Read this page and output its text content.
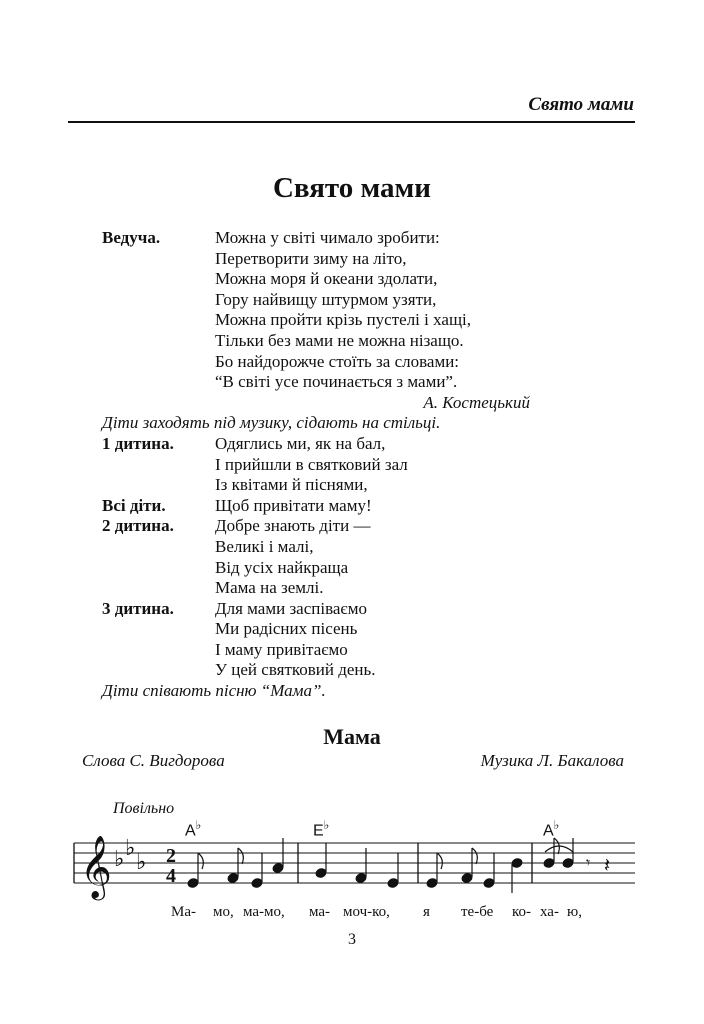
Свято мами
Свято мами
Ведуча.	Можна у світі чимало зробити:
Перетворити зиму на літо,
Можна моря й океани здолати,
Гору найвищу штурмом узяти,
Можна пройти крізь пустелі і хащі,
Тільки без мами не можна нізащо.
Бо найдорожче стоїть за словами:
“В світі усе починається з мами”.
А. Костецький
Діти заходять під музику, сідають на стільці.
1 дитина. Одяглись ми, як на бал,
І прийшли в святковий зал
Із квітами й піснями,
Всі діти.	Щоб привітати маму!
2 дитина. Добре знають діти —
Великі і малі,
Від усіх найкраща
Мама на землі.
3 дитина. Для мами заспіваємо
Ми радісних пісень
І маму привітаємо
У цей святковий день.
Діти співають пісню “Мама”.
Мама
Слова С. Вигдорова	Музика Л. Бакалова
Повільно
A♭	E♭	A♭
𝄞 ♭ ♭
♭ 2
4
𝄾 𝄽
Ма- мо, ма-мо, ма- моч-ко, я те-бе ко- ха- ю,
3
